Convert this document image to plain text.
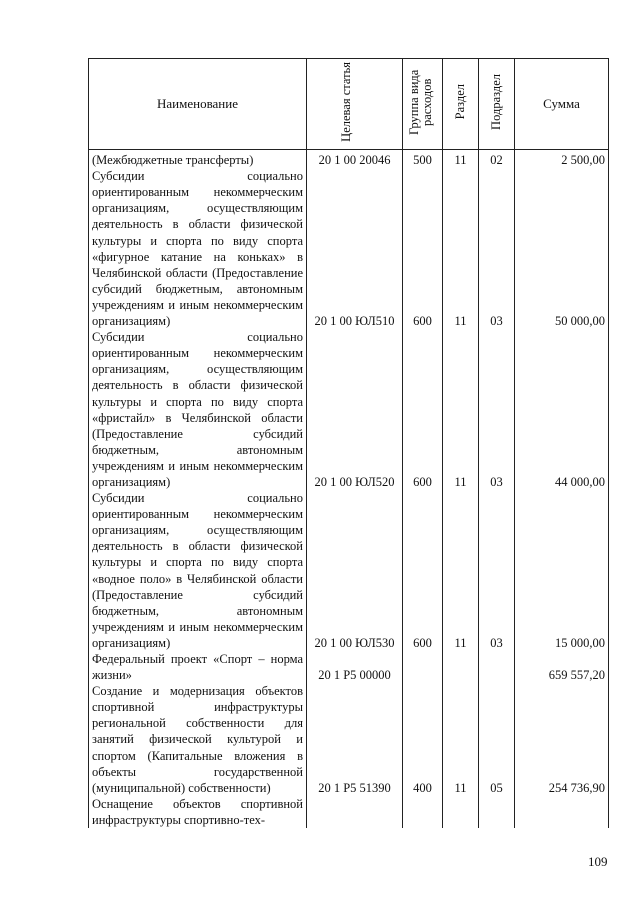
Наименование	Целевая статья	Группа вида расходов	Раздел	Подраздел	Сумма
(Межбюджетные трансферты)	20 1 00 20046	500	11	02	2 500,00
Субсидии социально ориентированным некоммерческим организациям, осуществляющим деятельность в области физической культуры и спорта по виду спорта «фигурное катание на коньках» в Челябинской области (Предоставление субсидий бюджетным, автономным учреждениям и иным некоммерческим организациям)	20 1 00 ЮЛ510	600	11	03	50 000,00
Субсидии социально ориентированным некоммерческим организациям, осуществляющим деятельность в области физической культуры и спорта по виду спорта «фристайл» в Челябинской области (Предоставление субсидий бюджетным, автономным учреждениям и иным некоммерческим организациям)	20 1 00 ЮЛ520	600	11	03	44 000,00
Субсидии социально ориентированным некоммерческим организациям, осуществляющим деятельность в области физической культуры и спорта по виду спорта «водное поло» в Челябинской области (Предоставление субсидий бюджетным, автономным учреждениям и иным некоммерческим организациям)	20 1 00 ЮЛ530	600	11	03	15 000,00
Федеральный проект «Спорт – норма жизни»	20 1 P5 00000				659 557,20
Создание и модернизация объектов спортивной инфраструктуры региональной собственности для занятий физической культурой и спортом (Капитальные вложения в объекты государственной (муниципальной) собственности)	20 1 P5 51390	400	11	05	254 736,90
Оснащение объектов спортивной инфраструктуры спортивно-тех-					
109
